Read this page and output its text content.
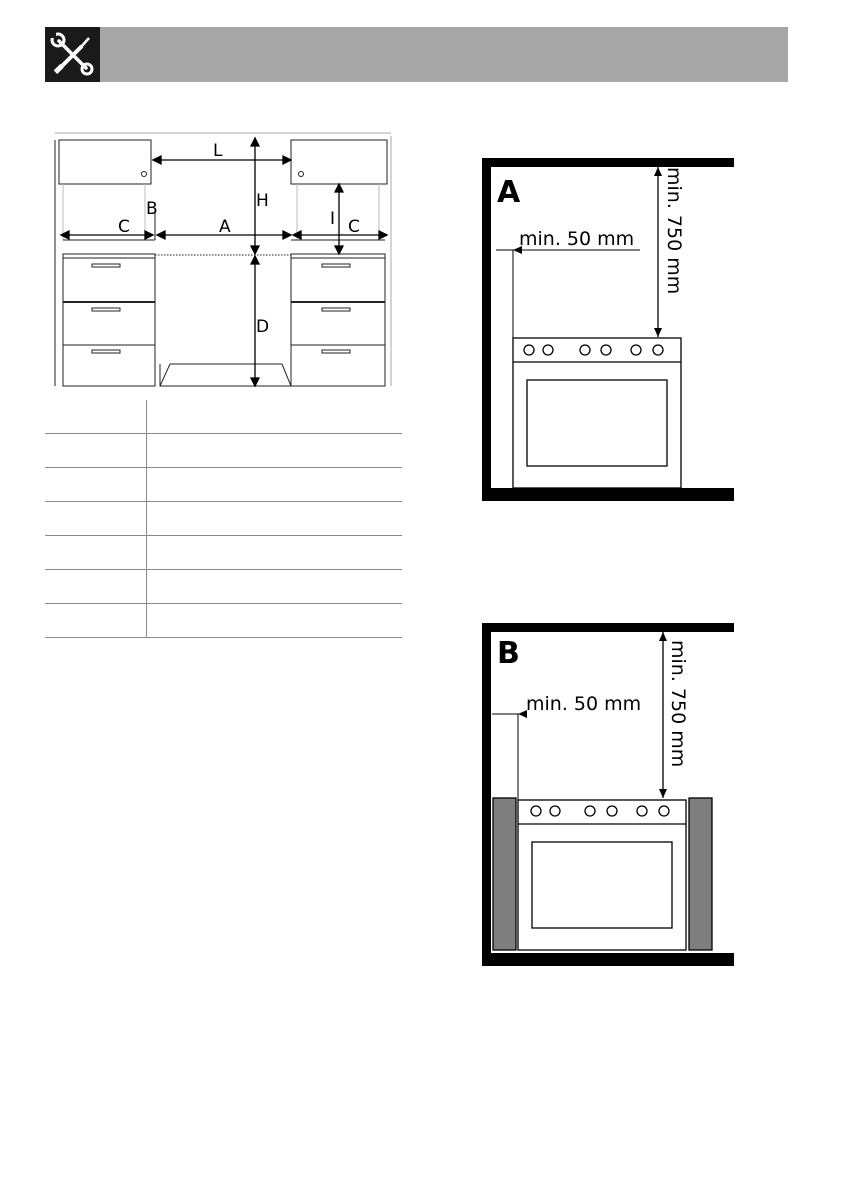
L
H
B
A
C	I C
D

A
min. 50 mm min. 750 mm
B
min. 50 mm min. 750 mm
